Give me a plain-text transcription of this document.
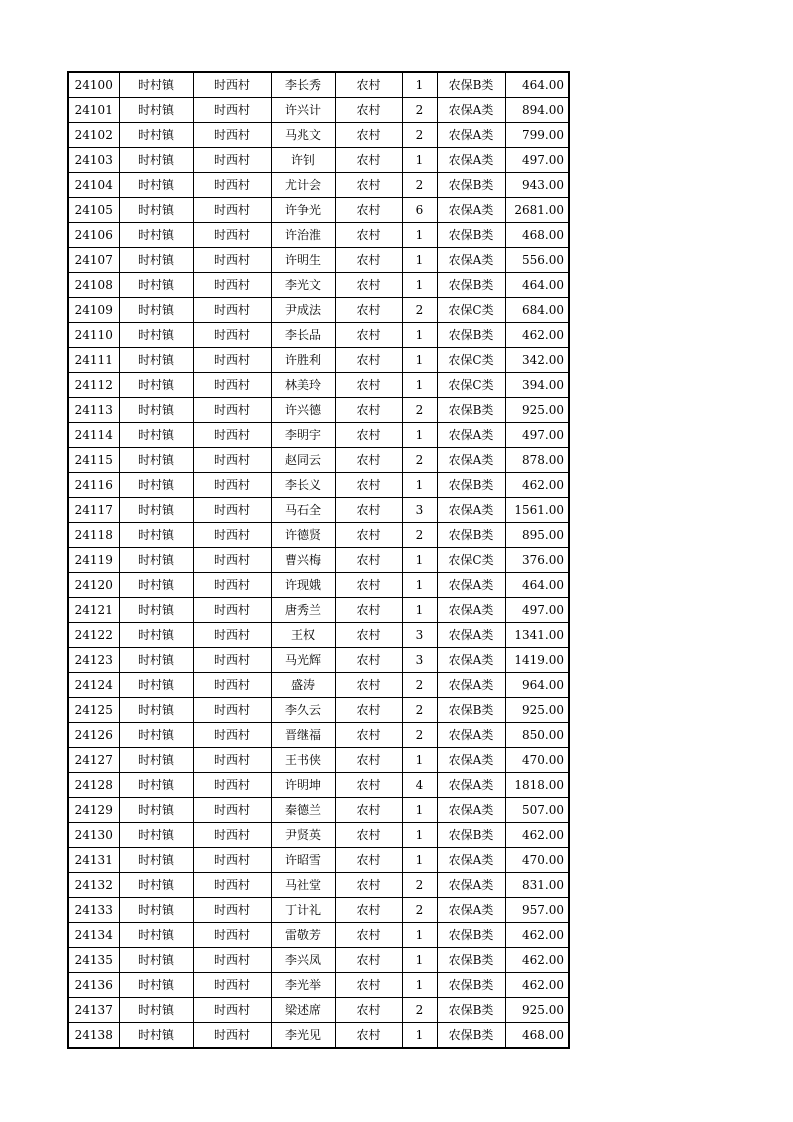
24100	时村镇	时西村	李长秀	农村	1	农保B类	464.00
24101	时村镇	时西村	许兴计	农村	2	农保A类	894.00
24102	时村镇	时西村	马兆文	农村	2	农保A类	799.00
24103	时村镇	时西村	许钊	农村	1	农保A类	497.00
24104	时村镇	时西村	尤计会	农村	2	农保B类	943.00
24105	时村镇	时西村	许争光	农村	6	农保A类	2681.00
24106	时村镇	时西村	许治淮	农村	1	农保B类	468.00
24107	时村镇	时西村	许明生	农村	1	农保A类	556.00
24108	时村镇	时西村	李光文	农村	1	农保B类	464.00
24109	时村镇	时西村	尹成法	农村	2	农保C类	684.00
24110	时村镇	时西村	李长品	农村	1	农保B类	462.00
24111	时村镇	时西村	许胜利	农村	1	农保C类	342.00
24112	时村镇	时西村	林美玲	农村	1	农保C类	394.00
24113	时村镇	时西村	许兴德	农村	2	农保B类	925.00
24114	时村镇	时西村	李明宇	农村	1	农保A类	497.00
24115	时村镇	时西村	赵同云	农村	2	农保A类	878.00
24116	时村镇	时西村	李长义	农村	1	农保B类	462.00
24117	时村镇	时西村	马石全	农村	3	农保A类	1561.00
24118	时村镇	时西村	许德贤	农村	2	农保B类	895.00
24119	时村镇	时西村	曹兴梅	农村	1	农保C类	376.00
24120	时村镇	时西村	许现娥	农村	1	农保A类	464.00
24121	时村镇	时西村	唐秀兰	农村	1	农保A类	497.00
24122	时村镇	时西村	王权	农村	3	农保A类	1341.00
24123	时村镇	时西村	马光辉	农村	3	农保A类	1419.00
24124	时村镇	时西村	盛涛	农村	2	农保A类	964.00
24125	时村镇	时西村	李久云	农村	2	农保B类	925.00
24126	时村镇	时西村	晋继福	农村	2	农保A类	850.00
24127	时村镇	时西村	王书侠	农村	1	农保A类	470.00
24128	时村镇	时西村	许明坤	农村	4	农保A类	1818.00
24129	时村镇	时西村	秦德兰	农村	1	农保A类	507.00
24130	时村镇	时西村	尹贤英	农村	1	农保B类	462.00
24131	时村镇	时西村	许昭雪	农村	1	农保A类	470.00
24132	时村镇	时西村	马社堂	农村	2	农保A类	831.00
24133	时村镇	时西村	丁计礼	农村	2	农保A类	957.00
24134	时村镇	时西村	雷敬芳	农村	1	农保B类	462.00
24135	时村镇	时西村	李兴凤	农村	1	农保B类	462.00
24136	时村镇	时西村	李光举	农村	1	农保B类	462.00
24137	时村镇	时西村	梁述席	农村	2	农保B类	925.00
24138	时村镇	时西村	李光见	农村	1	农保B类	468.00
